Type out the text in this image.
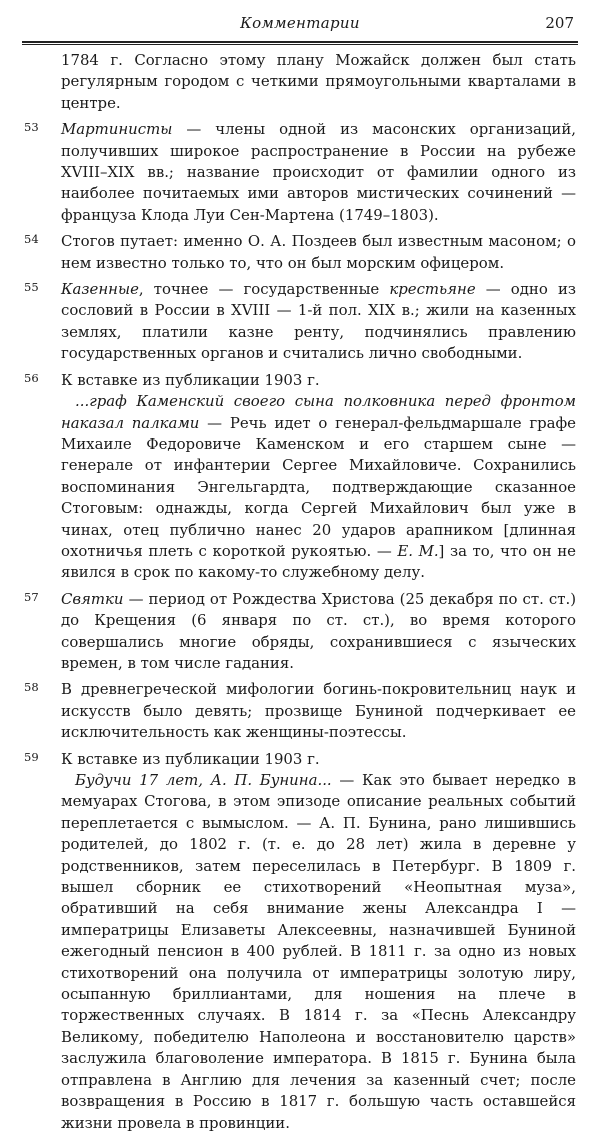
Комментарии	207

1784 г. Согласно этому плану Можайск должен был стать регулярным городом с четкими прямоугольными кварталами в центре.

53 Мартинисты — члены одной из масонских организаций, получивших широкое распространение в России на рубеже XVIII–XIX вв.; название происходит от фамилии одного из наиболее почитаемых ими авторов мистических сочинений — француза Клода Луи Сен-Мартена (1749–1803).

54 Стогов путает: именно О. А. Поздеев был известным масоном; о нем известно только то, что он был морским офицером.

55 Казенные, точнее — государственные крестьяне — одно из сословий в России в XVIII — 1-й пол. XIX в.; жили на казенных землях, платили казне ренту, подчинялись правлению государственных органов и считались лично свободными.

56 К вставке из публикации 1903 г.

...граф Каменский своего сына полковника перед фронтом наказал палками — Речь идет о генерал-фельдмаршале графе Михаиле Федоровиче Каменском и его старшем сыне — генерале от инфантерии Сергее Михайловиче. Сохранились воспоминания Энгельгардта, подтверждающие сказанное Стоговым: однажды, когда Сергей Михайлович был уже в чинах, отец публично нанес 20 ударов арапником [длинная охотничья плеть с короткой рукоятью. — Е. М.] за то, что он не явился в срок по какому-то служебному делу.

57 Святки — период от Рождества Христова (25 декабря по ст. ст.) до Крещения (6 января по ст. ст.), во время которого совершались многие обряды, сохранившиеся с языческих времен, в том числе гадания.

58 В древнегреческой мифологии богинь-покровительниц наук и искусств было девять; прозвище Буниной подчеркивает ее исключительность как женщины-поэтессы.

59 К вставке из публикации 1903 г.

Будучи 17 лет, А. П. Бунина... — Как это бывает нередко в мемуарах Стогова, в этом эпизоде описание реальных событий переплетается с вымыслом. — А. П. Бунина, рано лишившись родителей, до 1802 г. (т. е. до 28 лет) жила в деревне у родственников, затем переселилась в Петербург. В 1809 г. вышел сборник ее стихотворений «Неопытная муза», обративший на себя внимание жены Александра I — императрицы Елизаветы Алексеевны, назначившей Буниной ежегодный пенсион в 400 рублей. В 1811 г. за одно из новых стихотворений она получила от императрицы золотую лиру, осыпанную бриллиантами, для ношения на плече в торжественных случаях. В 1814 г. за «Песнь Александру Великому, победителю Наполеона и восстановителю царств» заслужила благоволение императора. В 1815 г. Бунина была отправлена в Англию для лечения за казенный счет; после возвращения в Россию в 1817 г. большую часть оставшейся жизни провела в провинции.
